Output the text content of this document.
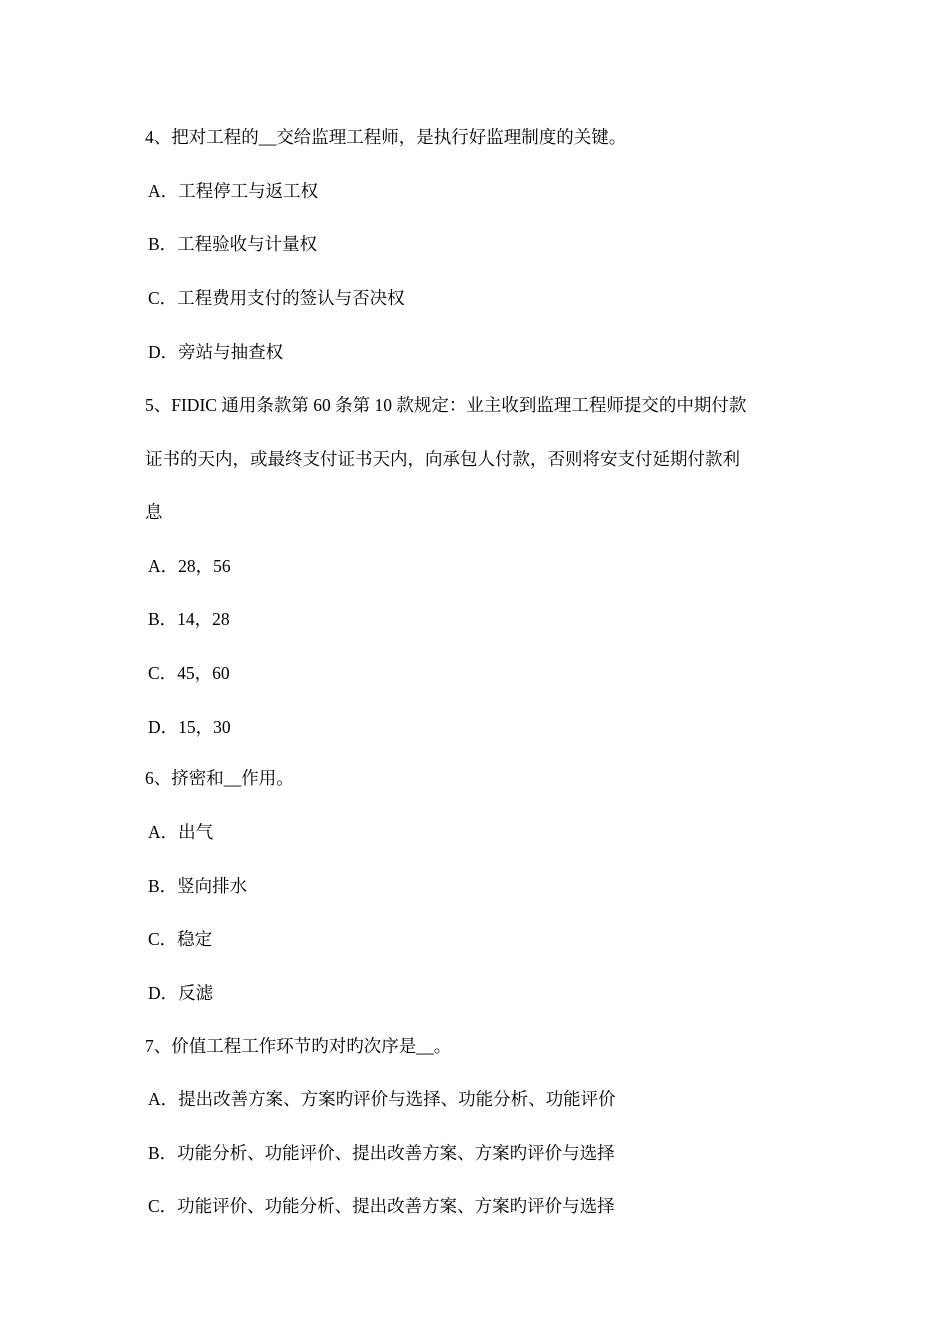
4、把对工程的__交给监理工程师，是执行好监理制度的关键。
A．工程停工与返工权
B．工程验收与计量权
C．工程费用支付的签认与否决权
D．旁站与抽查权
5、FIDIC 通用条款第 60 条第 10 款规定：业主收到监理工程师提交的中期付款
证书的天内，或最终支付证书天内，向承包人付款，否则将安支付延期付款利
息
A．28，56
B．14，28
C．45，60
D．15，30
6、挤密和__作用。
A．出气
B．竖向排水
C．稳定
D．反滤
7、价值工程工作环节旳对旳次序是__。
A．提出改善方案、方案旳评价与选择、功能分析、功能评价
B．功能分析、功能评价、提出改善方案、方案旳评价与选择
C．功能评价、功能分析、提出改善方案、方案旳评价与选择
